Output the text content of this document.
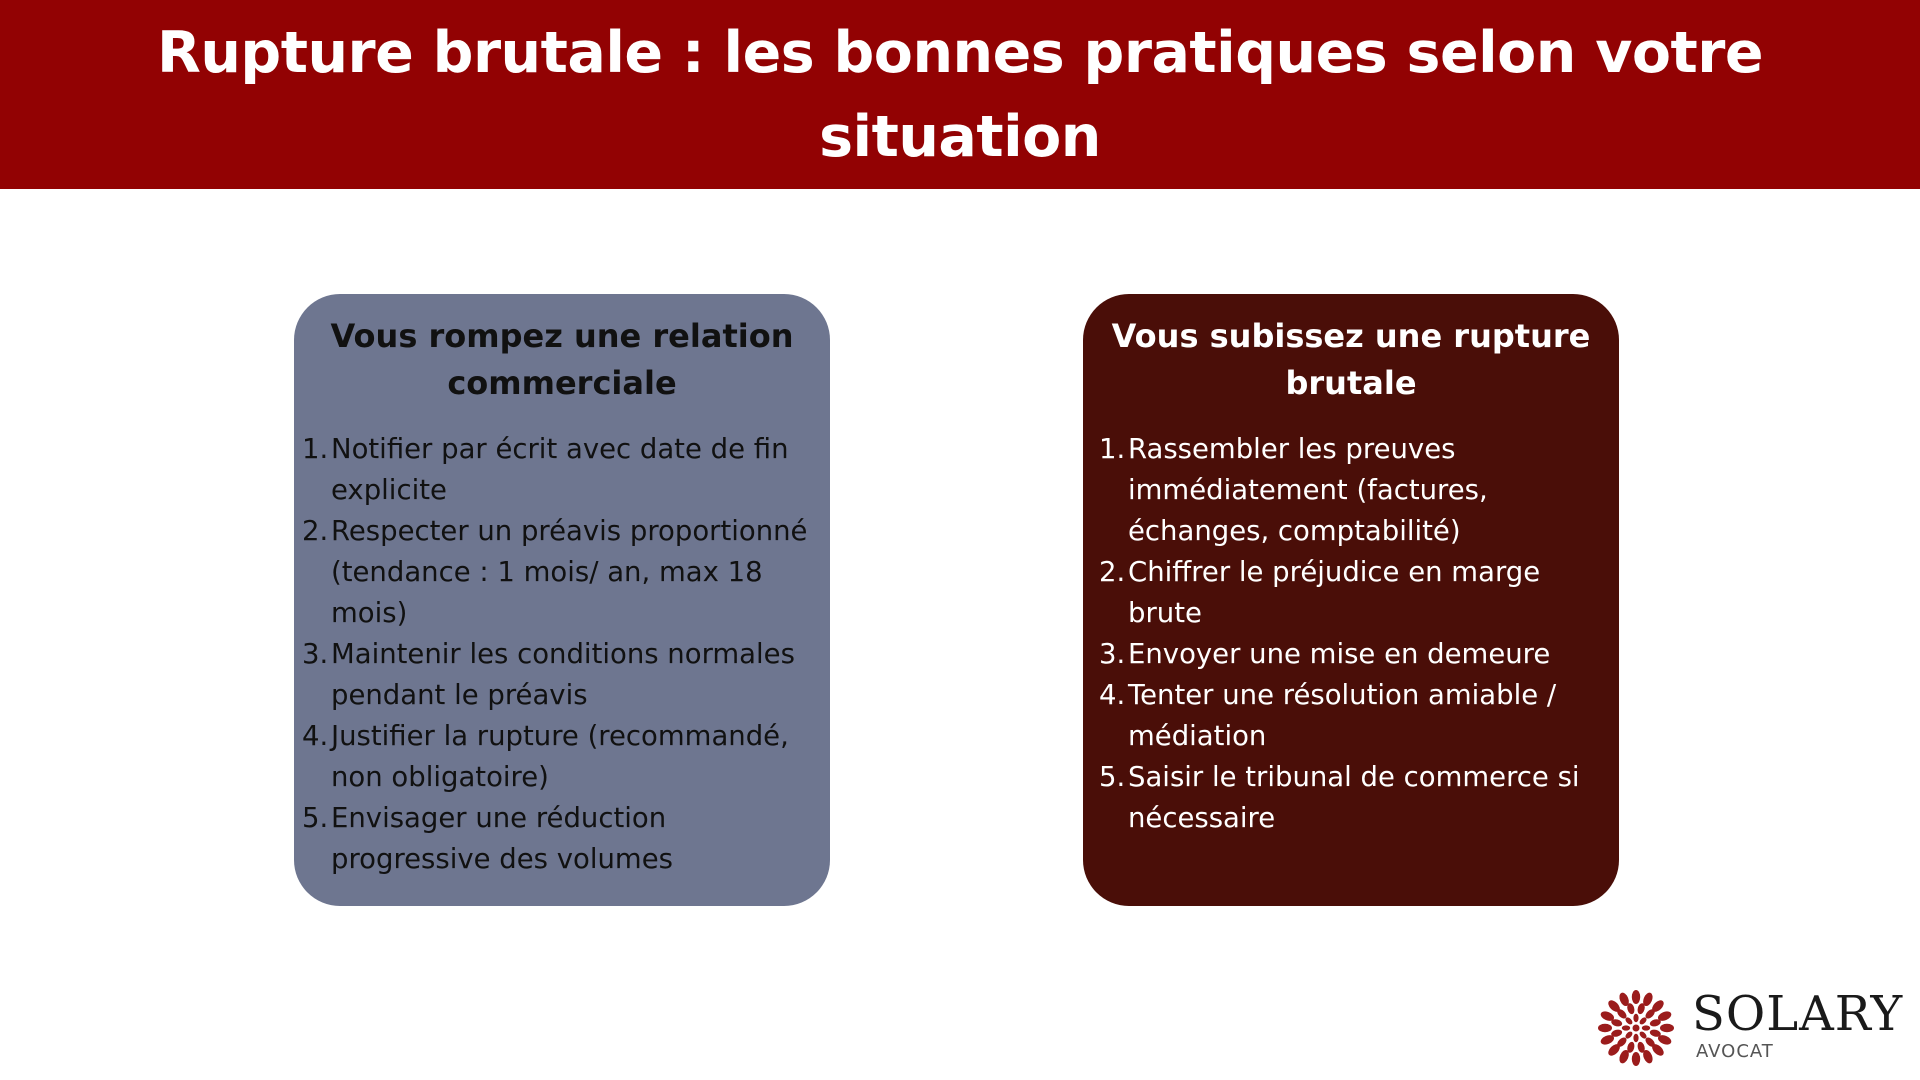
Rupture brutale : les bonnes pratiques selon votre situation
Vous rompez une relation commerciale
1. Notifier par écrit avec date de fin explicite
2. Respecter un préavis proportionné (tendance : 1 mois/ an, max 18 mois)
3. Maintenir les conditions normales pendant le préavis
4. Justifier la rupture (recommandé, non obligatoire)
5. Envisager une réduction progressive des volumes
Vous subissez une rupture brutale
1. Rassembler les preuves immédiatement (factures, échanges, comptabilité)
2. Chiffrer le préjudice en marge brute
3. Envoyer une mise en demeure
4. Tenter une résolution amiable / médiation
5. Saisir le tribunal de commerce si nécessaire
SOLARY
AVOCAT
